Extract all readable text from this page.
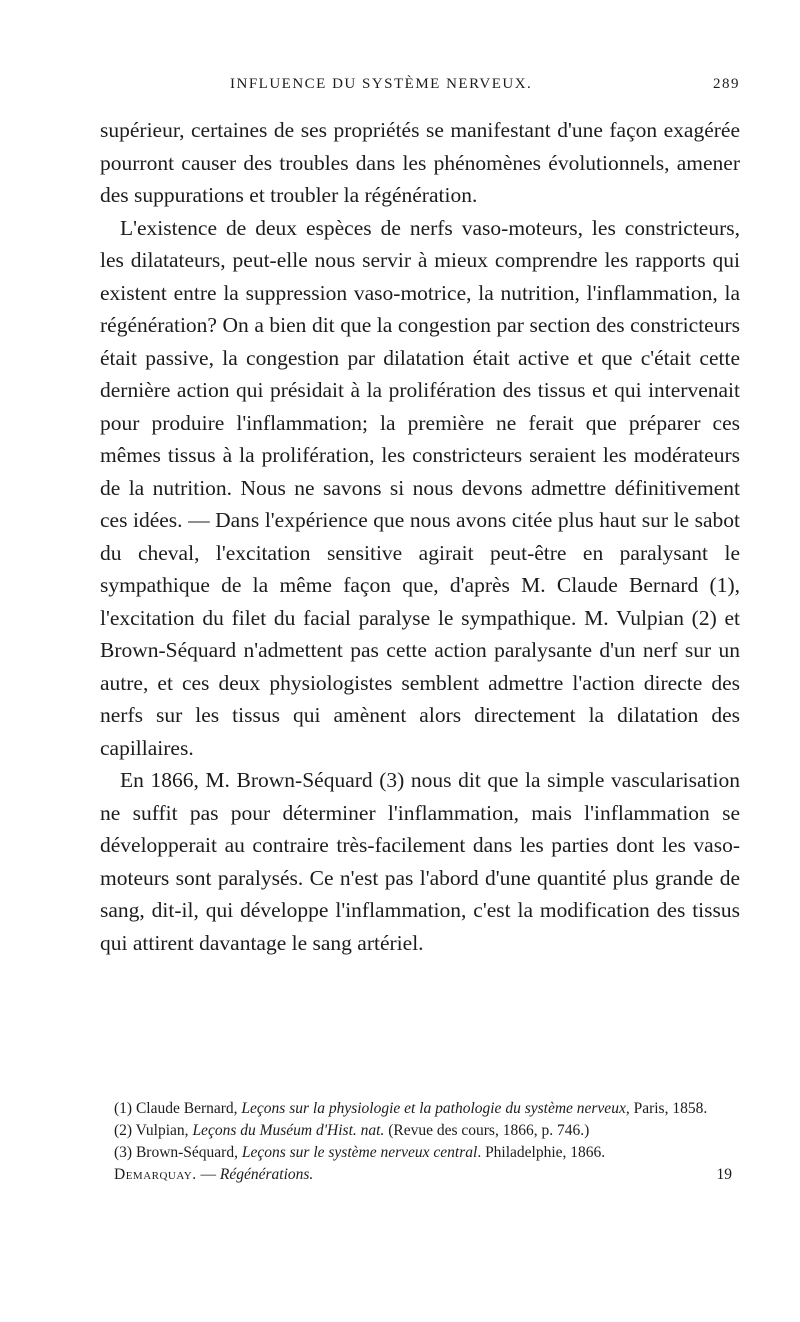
INFLUENCE DU SYSTÈME NERVEUX.	289

supérieur, certaines de ses propriétés se manifestant d'une façon exagérée pourront causer des troubles dans les phénomènes évolutionnels, amener des suppurations et troubler la régénération.

L'existence de deux espèces de nerfs vaso-moteurs, les constricteurs, les dilatateurs, peut-elle nous servir à mieux comprendre les rapports qui existent entre la suppression vaso-motrice, la nutrition, l'inflammation, la régénération? On a bien dit que la congestion par section des constricteurs était passive, la congestion par dilatation était active et que c'était cette dernière action qui présidait à la prolifération des tissus et qui intervenait pour produire l'inflammation; la première ne ferait que préparer ces mêmes tissus à la prolifération, les constricteurs seraient les modérateurs de la nutrition. Nous ne savons si nous devons admettre définitivement ces idées. — Dans l'expérience que nous avons citée plus haut sur le sabot du cheval, l'excitation sensitive agirait peut-être en paralysant le sympathique de la même façon que, d'après M. Claude Bernard (1), l'excitation du filet du facial paralyse le sympathique. M. Vulpian (2) et Brown-Séquard n'admettent pas cette action paralysante d'un nerf sur un autre, et ces deux physiologistes semblent admettre l'action directe des nerfs sur les tissus qui amènent alors directement la dilatation des capillaires.

En 1866, M. Brown-Séquard (3) nous dit que la simple vascularisation ne suffit pas pour déterminer l'inflammation, mais l'inflammation se développerait au contraire très-facilement dans les parties dont les vaso-moteurs sont paralysés. Ce n'est pas l'abord d'une quantité plus grande de sang, dit-il, qui développe l'inflammation, c'est la modification des tissus qui attirent davantage le sang artériel.

(1) Claude Bernard, Leçons sur la physiologie et la pathologie du système nerveux, Paris, 1858.

(2) Vulpian, Leçons du Muséum d'Hist. nat. (Revue des cours, 1866, p. 746.)

(3) Brown-Séquard, Leçons sur le système nerveux central. Philadelphie, 1866.

Demarquay. — Régénérations.	19
